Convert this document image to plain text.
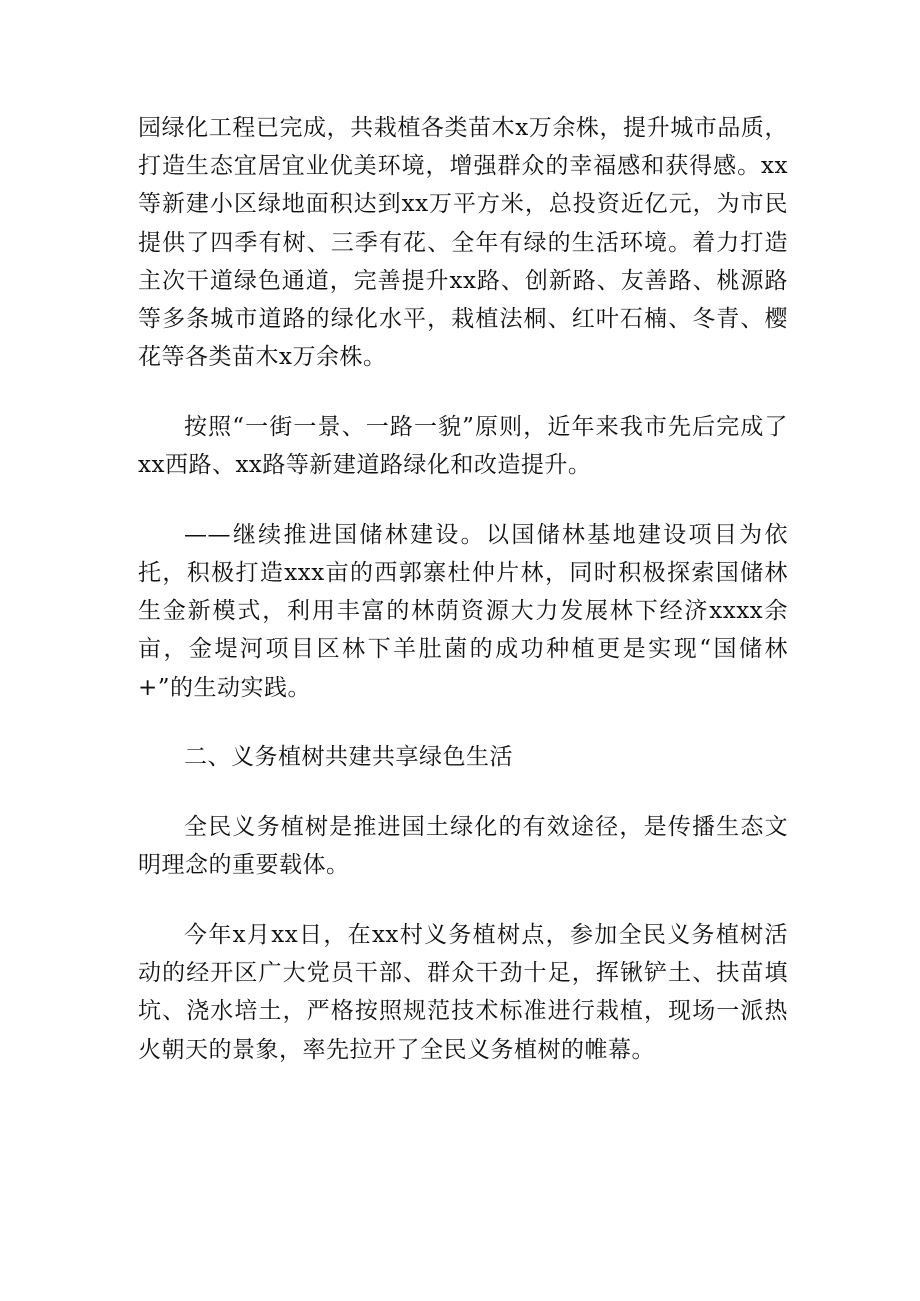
园绿化工程已完成，共栽植各类苗木x万余株，提升城市品质，打造生态宜居宜业优美环境，增强群众的幸福感和获得感。xx等新建小区绿地面积达到xx万平方米，总投资近亿元，为市民提供了四季有树、三季有花、全年有绿的生活环境。着力打造主次干道绿色通道，完善提升xx路、创新路、友善路、桃源路等多条城市道路的绿化水平，栽植法桐、红叶石楠、冬青、樱花等各类苗木x万余株。

按照“一街一景、一路一貌”原则，近年来我市先后完成了xx西路、xx路等新建道路绿化和改造提升。

——继续推进国储林建设。以国储林基地建设项目为依托，积极打造xxx亩的西郭寨杜仲片林，同时积极探索国储林生金新模式，利用丰富的林荫资源大力发展林下经济xxxx余亩，金堤河项目区林下羊肚菌的成功种植更是实现“国储林+”的生动实践。

二、义务植树共建共享绿色生活

全民义务植树是推进国土绿化的有效途径，是传播生态文明理念的重要载体。

今年x月xx日，在xx村义务植树点，参加全民义务植树活动的经开区广大党员干部、群众干劲十足，挥锹铲土、扶苗填坑、浇水培土，严格按照规范技术标准进行栽植，现场一派热火朝天的景象，率先拉开了全民义务植树的帷幕。
